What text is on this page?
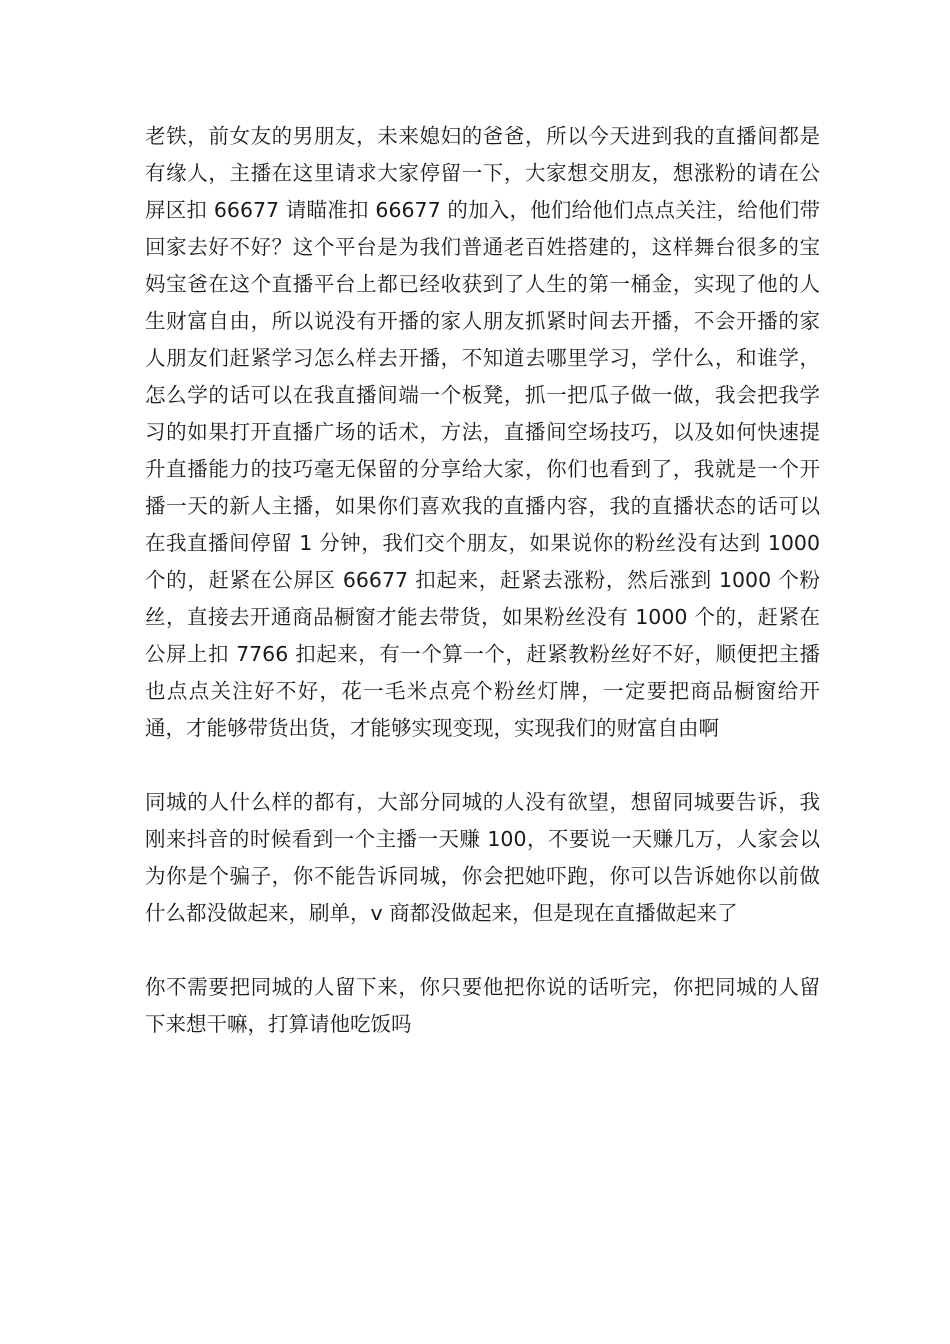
老铁，前女友的男朋友，未来媳妇的爸爸，所以今天进到我的直播间都是有缘人，主播在这里请求大家停留一下，大家想交朋友，想涨粉的请在公屏区扣 66677 请瞄准扣 66677 的加入，他们给他们点点关注，给他们带回家去好不好？这个平台是为我们普通老百姓搭建的，这样舞台很多的宝妈宝爸在这个直播平台上都已经收获到了人生的第一桶金，实现了他的人生财富自由，所以说没有开播的家人朋友抓紧时间去开播，不会开播的家人朋友们赶紧学习怎么样去开播，不知道去哪里学习，学什么，和谁学，怎么学的话可以在我直播间端一个板凳，抓一把瓜子做一做，我会把我学习的如果打开直播广场的话术，方法，直播间空场技巧，以及如何快速提升直播能力的技巧毫无保留的分享给大家，你们也看到了，我就是一个开播一天的新人主播，如果你们喜欢我的直播内容，我的直播状态的话可以在我直播间停留 1 分钟，我们交个朋友，如果说你的粉丝没有达到 1000 个的，赶紧在公屏区 66677 扣起来，赶紧去涨粉，然后涨到 1000 个粉丝，直接去开通商品橱窗才能去带货，如果粉丝没有 1000 个的，赶紧在公屏上扣 7766 扣起来，有一个算一个，赶紧教粉丝好不好，顺便把主播也点点关注好不好，花一毛米点亮个粉丝灯牌，一定要把商品橱窗给开通，才能够带货出货，才能够实现变现，实现我们的财富自由啊

同城的人什么样的都有，大部分同城的人没有欲望，想留同城要告诉，我刚来抖音的时候看到一个主播一天赚 100，不要说一天赚几万，人家会以为你是个骗子，你不能告诉同城，你会把她吓跑，你可以告诉她你以前做什么都没做起来，刷单，v 商都没做起来，但是现在直播做起来了

你不需要把同城的人留下来，你只要他把你说的话听完，你把同城的人留下来想干嘛，打算请他吃饭吗
